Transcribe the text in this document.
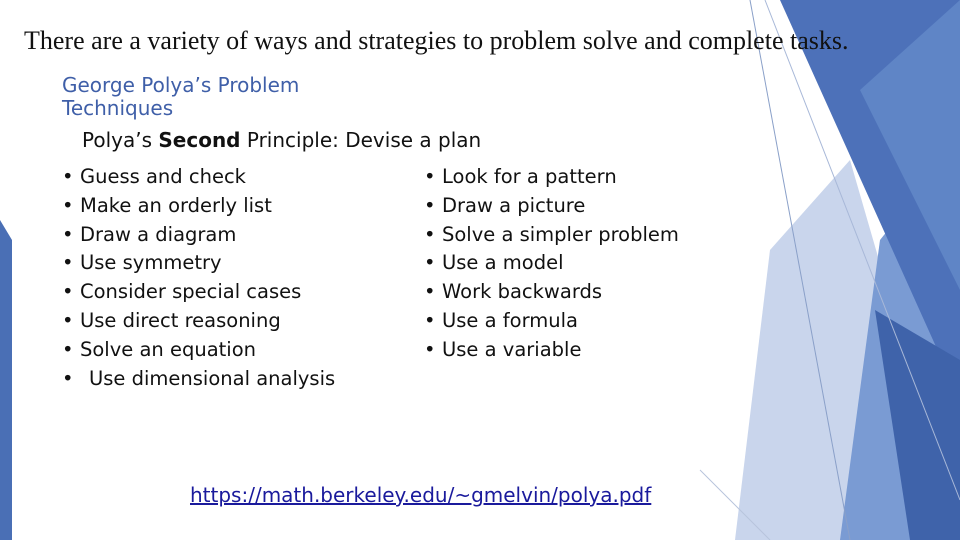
There are a variety of ways and strategies to problem solve and complete tasks.
George Polya’s Problem Techniques
Polya’s Second Principle: Devise a plan
• Guess and check
• Make an orderly list
• Draw a diagram
• Use symmetry
• Consider special cases
• Use direct reasoning
• Solve an equation
• Use dimensional analysis
• Look for a pattern
• Draw a picture
• Solve a simpler problem
• Use a model
• Work backwards
• Use a formula
• Use a variable
https://math.berkeley.edu/~gmelvin/polya.pdf
